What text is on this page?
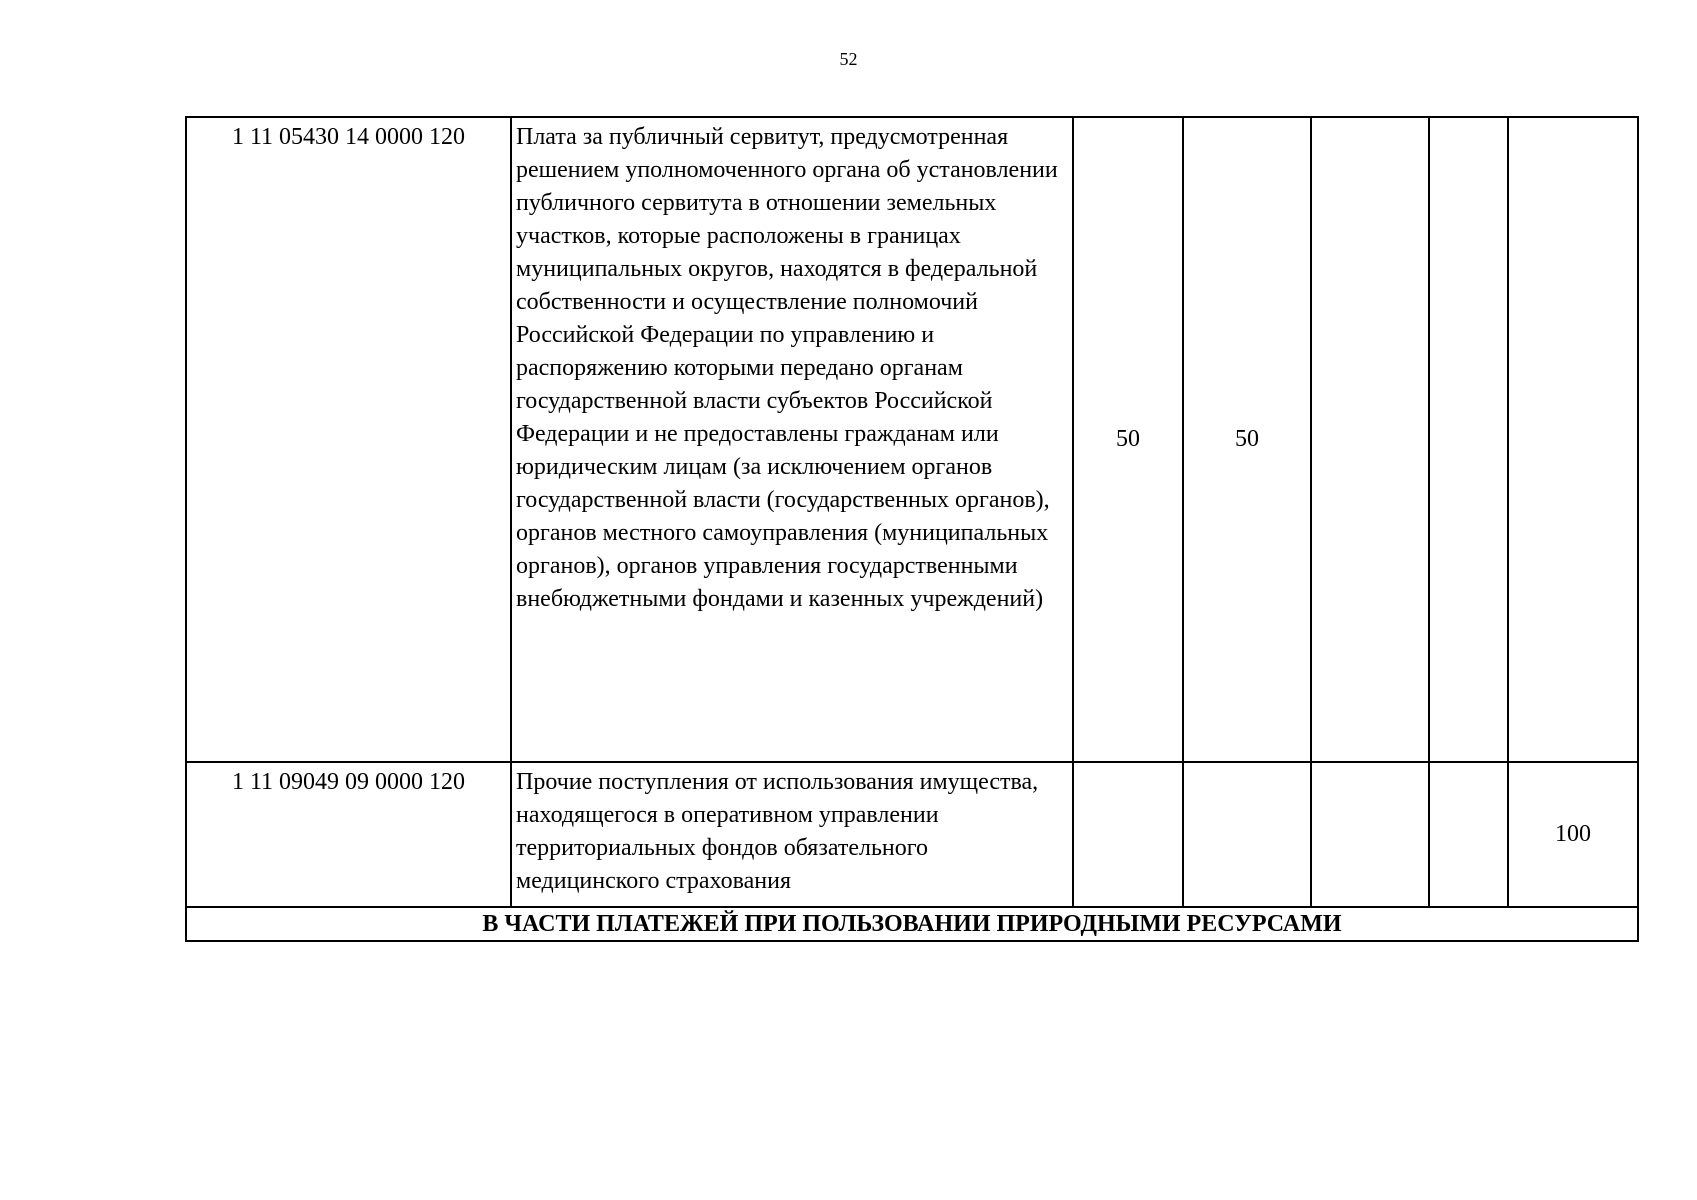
52
1 11 05430 14 0000 120	Плата за публичный сервитут, предусмотренная решением уполномоченного органа об установлении публичного сервитута в отношении земельных участков, которые расположены в границах муниципальных округов, находятся в федеральной собственности и осуществление полномочий Российской Федерации по управлению и распоряжению которыми передано органам государственной власти субъектов Российской Федерации и не предоставлены гражданам или юридическим лицам (за исключением органов государственной власти (государственных органов), органов местного самоуправления (муниципальных органов), органов управления государственными внебюджетными фондами и казенных учреждений)	50	50			
1 11 09049 09 0000 120	Прочие поступления от использования имущества, находящегося в оперативном управлении территориальных фондов обязательного медицинского страхования					100
В ЧАСТИ ПЛАТЕЖЕЙ ПРИ ПОЛЬЗОВАНИИ ПРИРОДНЫМИ РЕСУРСАМИ						
